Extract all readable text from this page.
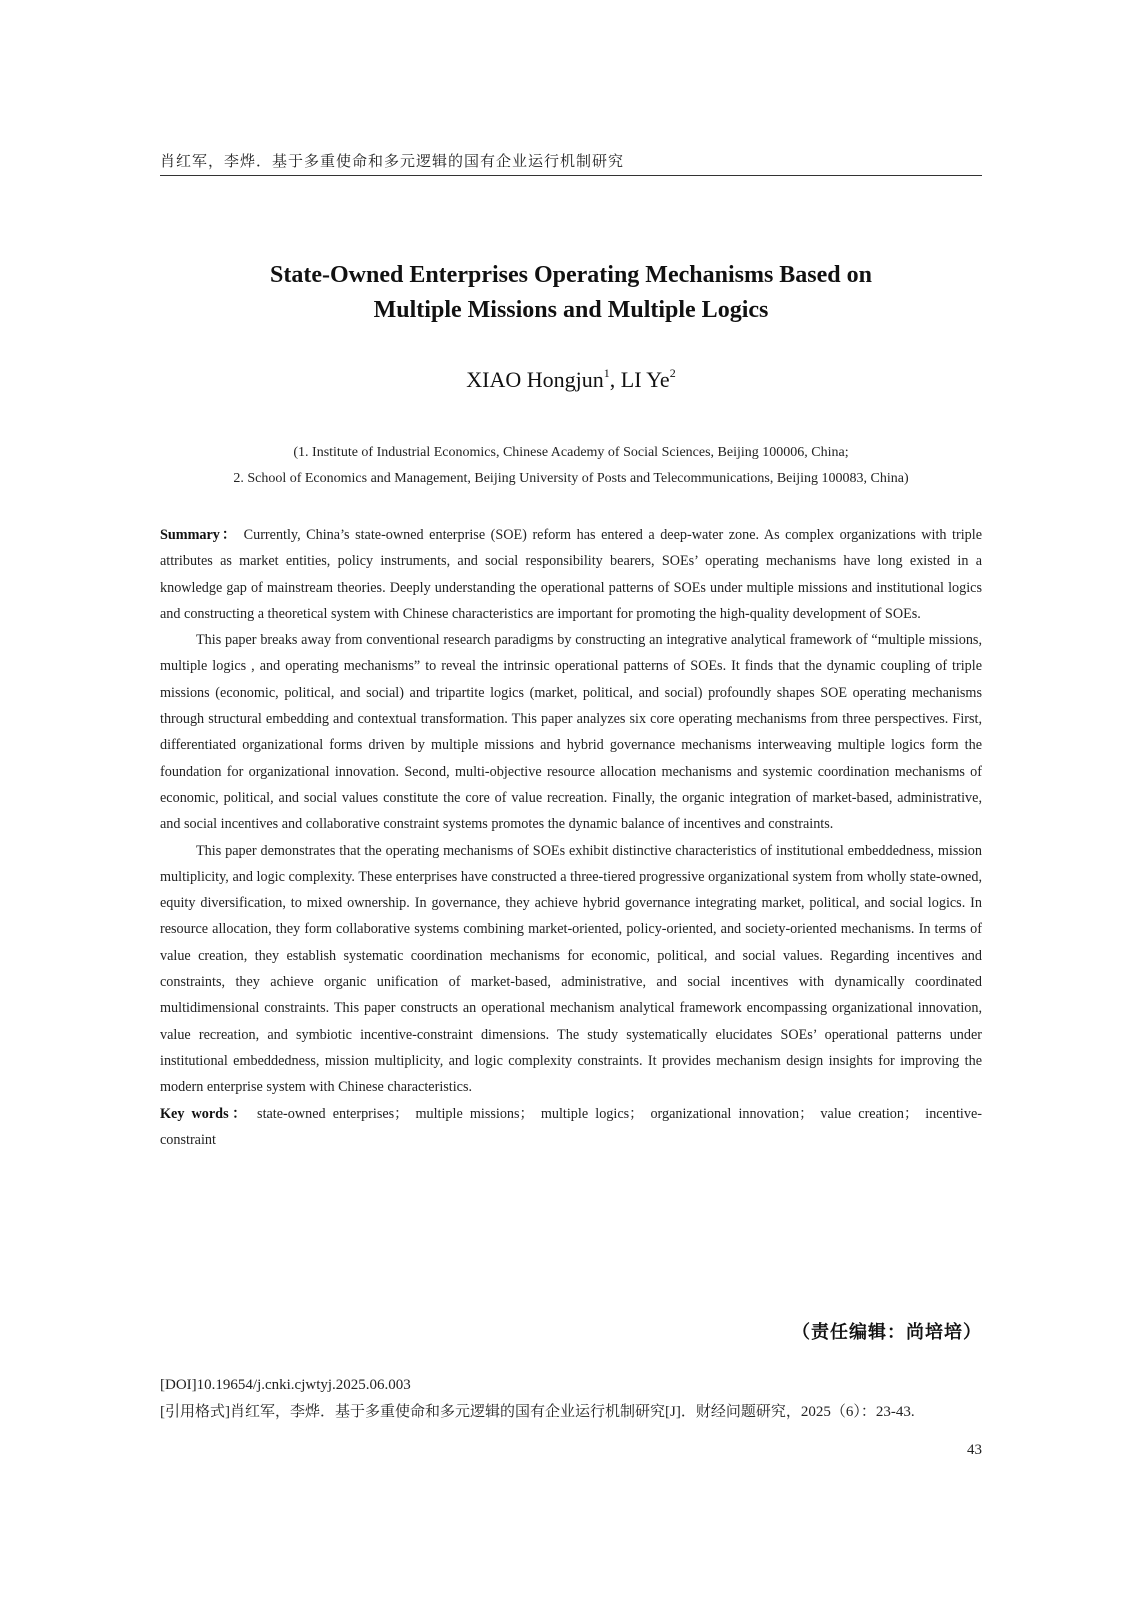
肖红军，李烨．基于多重使命和多元逻辑的国有企业运行机制研究
State-Owned Enterprises Operating Mechanisms Based on
Multiple Missions and Multiple Logics
XIAO Hongjun$^1$, LI Ye$^2$
(1. Institute of Industrial Economics, Chinese Academy of Social Sciences, Beijing 100006, China;
2. School of Economics and Management, Beijing University of Posts and Telecommunications, Beijing 100083, China)

Summary： Currently, China’s state-owned enterprise (SOE) reform has entered a deep-water zone. As complex organizations with triple attributes as market entities, policy instruments, and social responsibility bearers, SOEs’ operating mechanisms have long existed in a knowledge gap of mainstream theories. Deeply understanding the operational patterns of SOEs under multiple missions and institutional logics and constructing a theoretical system with Chinese characteristics are important for promoting the high-quality development of SOEs.

This paper breaks away from conventional research paradigms by constructing an integrative analytical framework of “multiple missions, multiple logics , and operating mechanisms” to reveal the intrinsic operational patterns of SOEs. It finds that the dynamic coupling of triple missions (economic, political, and social) and tripartite logics (market, political, and social) profoundly shapes SOE operating mechanisms through structural embedding and contextual transformation. This paper analyzes six core operating mechanisms from three perspectives. First, differentiated organizational forms driven by multiple missions and hybrid governance mechanisms interweaving multiple logics form the foundation for organizational innovation. Second, multi-objective resource allocation mechanisms and systemic coordination mechanisms of economic, political, and social values constitute the core of value recreation. Finally, the organic integration of market-based, administrative, and social incentives and collaborative constraint systems promotes the dynamic balance of incentives and constraints.

This paper demonstrates that the operating mechanisms of SOEs exhibit distinctive characteristics of institutional embeddedness, mission multiplicity, and logic complexity. These enterprises have constructed a three-tiered progressive organizational system from wholly state-owned, equity diversification, to mixed ownership. In governance, they achieve hybrid governance integrating market, political, and social logics. In resource allocation, they form collaborative systems combining market-oriented, policy-oriented, and society-oriented mechanisms. In terms of value creation, they establish systematic coordination mechanisms for economic, political, and social values. Regarding incentives and constraints, they achieve organic unification of market-based, administrative, and social incentives with dynamically coordinated multidimensional constraints. This paper constructs an operational mechanism analytical framework encompassing organizational innovation, value recreation, and symbiotic incentive-constraint dimensions. The study systematically elucidates SOEs’ operational patterns under institutional embeddedness, mission multiplicity, and logic complexity constraints. It provides mechanism design insights for improving the modern enterprise system with Chinese characteristics.

Key words： state-owned enterprises； multiple missions； multiple logics； organizational innovation； value creation； incentive-constraint

（责任编辑：尚培培）
[DOI]10.19654/j.cnki.cjwtyj.2025.06.003
[引用格式]肖红军，李烨．基于多重使命和多元逻辑的国有企业运行机制研究[J]．财经问题研究，2025（6）：23-43.
43
